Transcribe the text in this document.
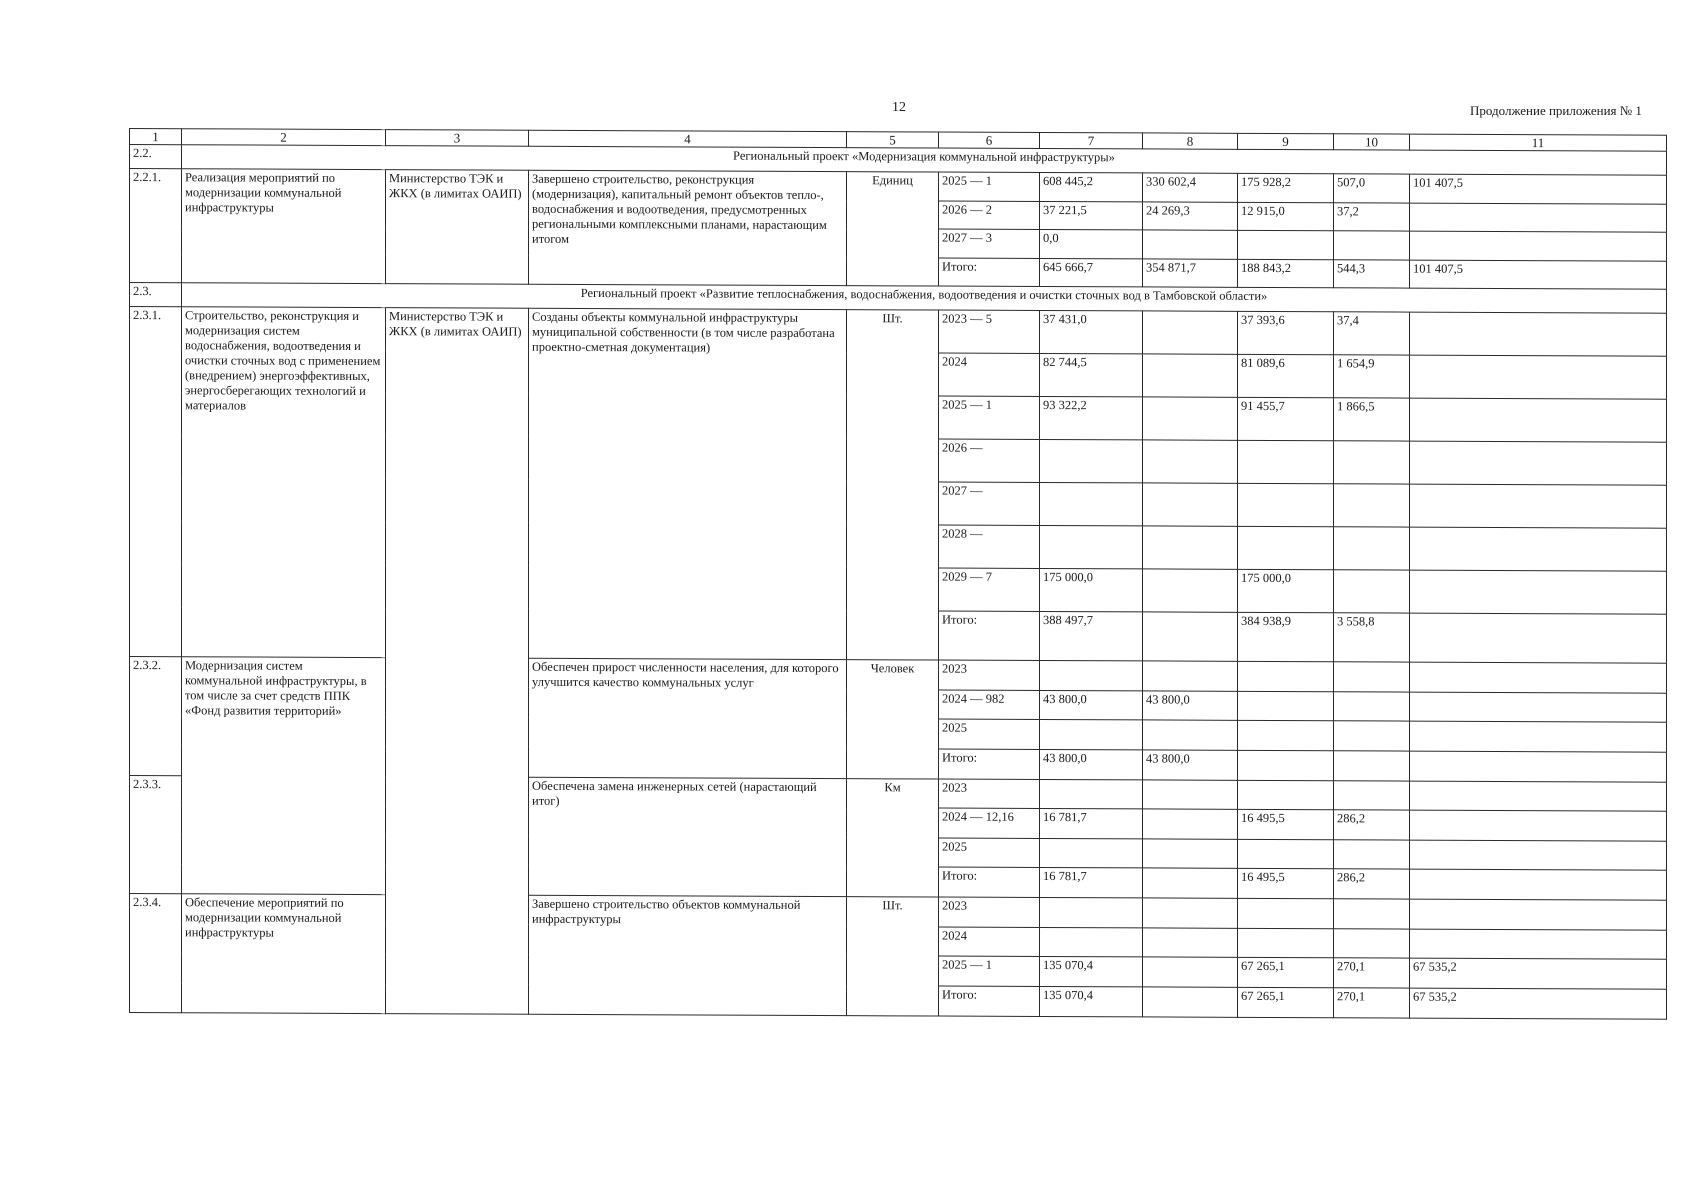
12	Продолжение приложения № 1
1	2	3	4	5	6	7	8	9	10	11
2.2.	Региональный проект «Модернизация коммунальной инфраструктуры»									
2.2.1.	Реализация мероприятий по модернизации коммунальной инфраструктуры	Министерство ТЭК и ЖКХ (в лимитах ОАИП)	Завершено строительство, реконструкция (модернизация), капитальный ремонт объектов тепло-, водоснабжения и водоотведения, предусмотренных региональными комплексными планами, нарастающим итогом	Единиц	2025 — 1	608 445,2	330 602,4	175 928,2	507,0	101 407,5
					2026 — 2	37 221,5	24 269,3	12 915,0	37,2	
					2027 — 3	0,0				
					Итого:	645 666,7	354 871,7	188 843,2	544,3	101 407,5
2.3.	Региональный проект «Развитие теплоснабжения, водоснабжения, водоотведения и очистки сточных вод в Тамбовской области»									
2.3.1.	Строительство, реконструкция и модернизация систем водоснабжения, водоотведения и очистки сточных вод с применением (внедрением) энергоэффективных, энергосберегающих технологий и материалов	Министерство ТЭК и ЖКХ (в лимитах ОАИП)	Созданы объекты коммунальной инфраструктуры муниципальной собственности (в том числе разработана проектно-сметная документация)	Шт.	2023 — 5	37 431,0		37 393,6	37,4	
					2024	82 744,5		81 089,6	1 654,9	
					2025 — 1	93 322,2		91 455,7	1 866,5	
					2026 —					
					2027 —					
					2028 —					
					2029 — 7	175 000,0		175 000,0		
					Итого:	388 497,7		384 938,9	3 558,8	
2.3.2.	Модернизация систем коммунальной инфраструктуры, в том числе за счет средств ППК «Фонд развития территорий»		Обеспечен прирост численности населения, для которого улучшится качество коммунальных услуг	Человек	2023					
					2024 — 982	43 800,0	43 800,0			
					2025					
					Итого:	43 800,0	43 800,0			
2.3.3.			Обеспечена замена инженерных сетей (нарастающий итог)	Км	2023					
					2024 — 12,16	16 781,7		16 495,5	286,2	
					2025					
					Итого:	16 781,7		16 495,5	286,2	
2.3.4.	Обеспечение мероприятий по модернизации коммунальной инфраструктуры		Завершено строительство объектов коммунальной инфраструктуры	Шт.	2023					
					2024					
					2025 — 1	135 070,4		67 265,1	270,1	67 535,2
					Итого:	135 070,4		67 265,1	270,1	67 535,2
